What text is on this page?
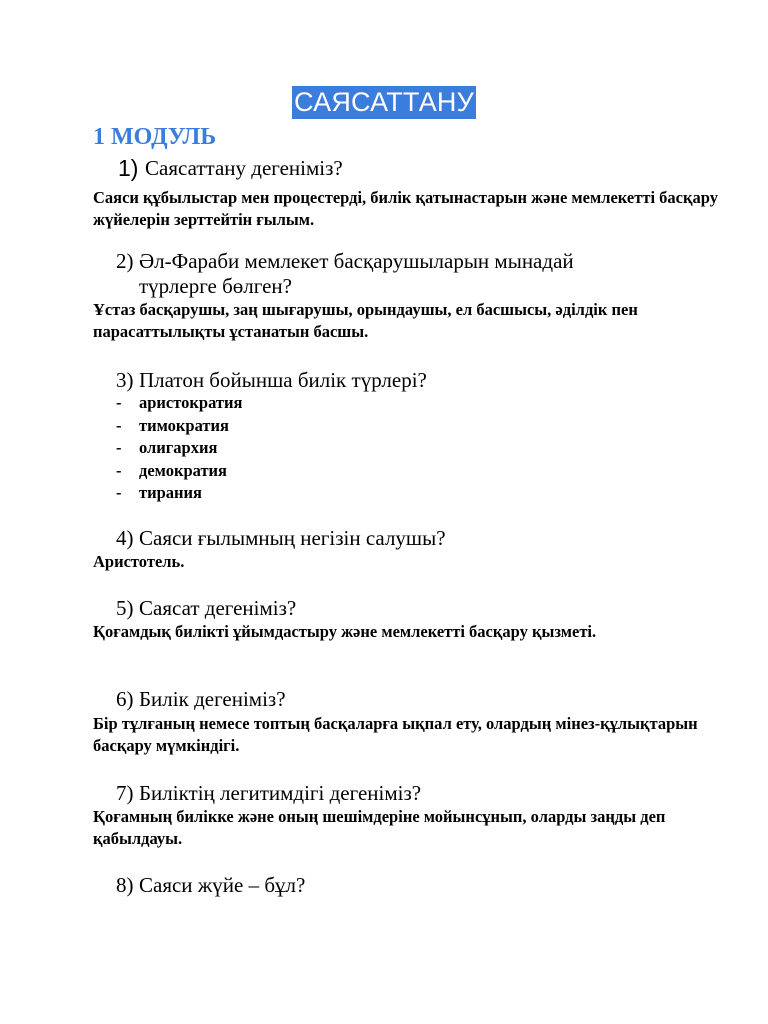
САЯСАТТАНУ
1 МОДУЛЬ
1) Саясаттану дегеніміз?
Саяси құбылыстар мен процестерді, билік қатынастарын және мемлекетті басқару жүйелерін зерттейтін ғылым.
2) Әл-Фараби мемлекет басқарушыларын мынадай
түрлерге бөлген?
Ұстаз басқарушы, заң шығарушы, орындаушы, ел басшысы, әділдік пен парасаттылықты ұстанатын басшы.
3) Платон бойынша билік түрлері?
- аристократия
- тимократия
- олигархия
- демократия
- тирания
4) Саяси ғылымның негізін салушы?
Аристотель.
5) Саясат дегеніміз?
Қоғамдық билікті ұйымдастыру және мемлекетті басқару қызметі.
6) Билік дегеніміз?
Бір тұлғаның немесе топтың басқаларға ықпал ету, олардың мінез-құлықтарын басқару мүмкіндігі.
7) Биліктің легитимдігі дегеніміз?
Қоғамның билікке және оның шешімдеріне мойынсұнып, оларды заңды деп қабылдауы.
8) Саяси жүйе – бұл?
